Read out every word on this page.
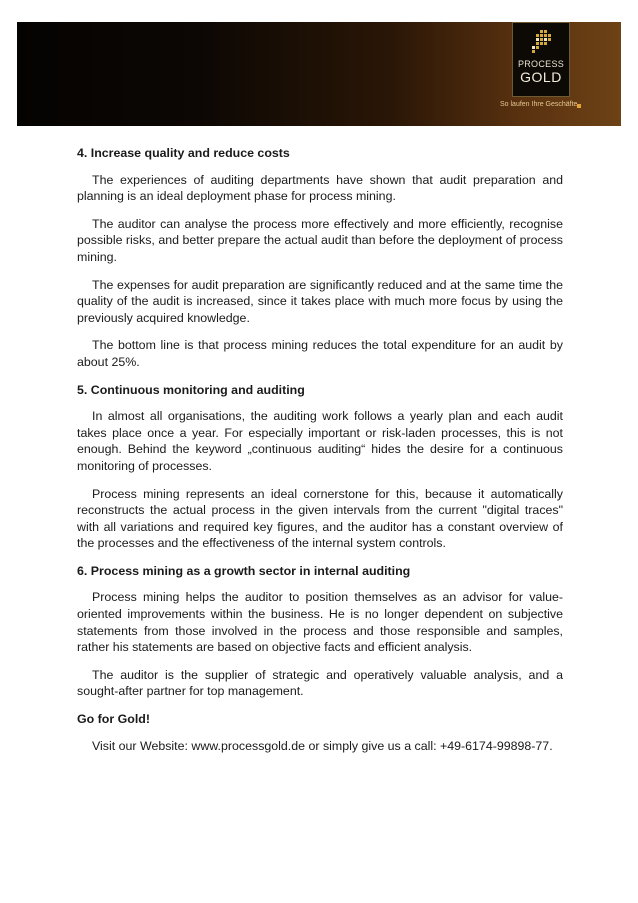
PROCESS
GOLD
So laufen Ihre Geschäfte

4. Increase quality and reduce costs

The experiences of auditing departments have shown that audit preparation and planning is an ideal deployment phase for process mining.

The auditor can analyse the process more effectively and more efficiently, recognise possible risks, and better prepare the actual audit than before the deployment of process mining.

The expenses for audit preparation are significantly reduced and at the same time the quality of the audit is increased, since it takes place with much more focus by using the previously acquired knowledge.

The bottom line is that process mining reduces the total expenditure for an audit by about 25%.

5. Continuous monitoring and auditing

In almost all organisations, the auditing work follows a yearly plan and each audit takes place once a year. For especially important or risk-laden processes, this is not enough. Behind the keyword „continuous auditing“ hides the desire for a continuous monitoring of processes.

Process mining represents an ideal cornerstone for this, because it automatically reconstructs the actual process in the given intervals from the current "digital traces" with all variations and required key figures, and the auditor has a constant overview of the processes and the effectiveness of the internal system controls.

6. Process mining as a growth sector in internal auditing

Process mining helps the auditor to position themselves as an advisor for value-oriented improvements within the business. He is no longer dependent on subjective statements from those involved in the process and those responsible and samples, rather his statements are based on objective facts and efficient analysis.

The auditor is the supplier of strategic and operatively valuable analysis, and a sought-after partner for top management.

Go for Gold!

Visit our Website: www.processgold.de or simply give us a call: +49-6174-99898-77.
